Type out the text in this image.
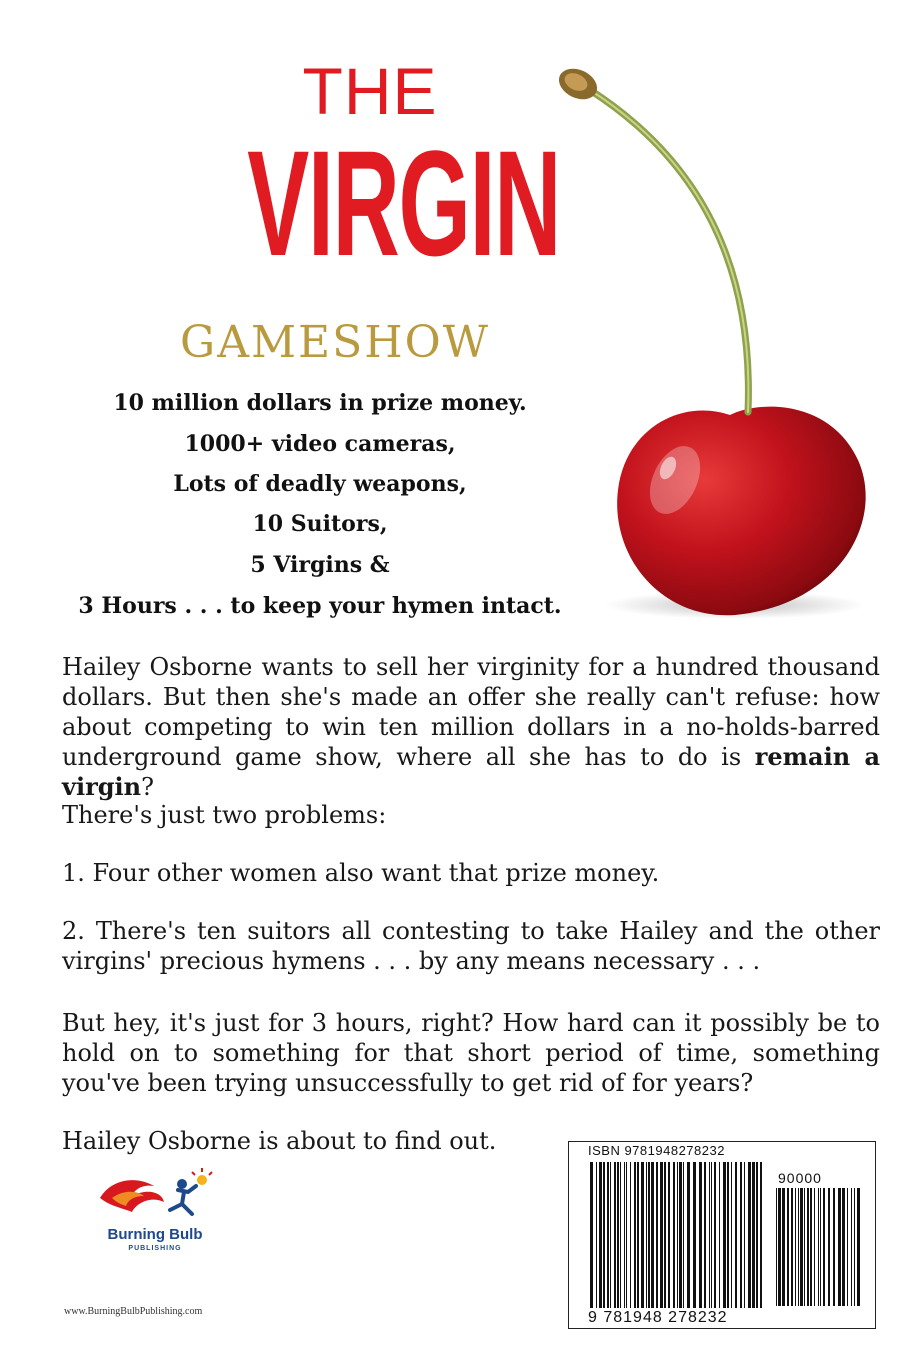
THE
VIRGIN
GAMESHOW
10 million dollars in prize money.
1000+ video cameras,
Lots of deadly weapons,
10 Suitors,
5 Virgins &
3 Hours . . . to keep your hymen intact.

Hailey Osborne wants to sell her virginity for a hundred thousand dollars. But then she's made an offer she really can't refuse: how about competing to win ten million dollars in a no-holds-barred underground game show, where all she has to do is remain a virgin?

There's just two problems:

1. Four other women also want that prize money.

2. There's ten suitors all contesting to take Hailey and the other virgins' precious hymens . . . by any means necessary . . .

But hey, it's just for 3 hours, right? How hard can it possibly be to hold on to something for that short period of time, something you've been trying unsuccessfully to get rid of for years?

Hailey Osborne is about to find out.

Burning Bulb
PUBLISHING
www.BurningBulbPublishing.com
ISBN 9781948278232
90000
9 781948 278232
